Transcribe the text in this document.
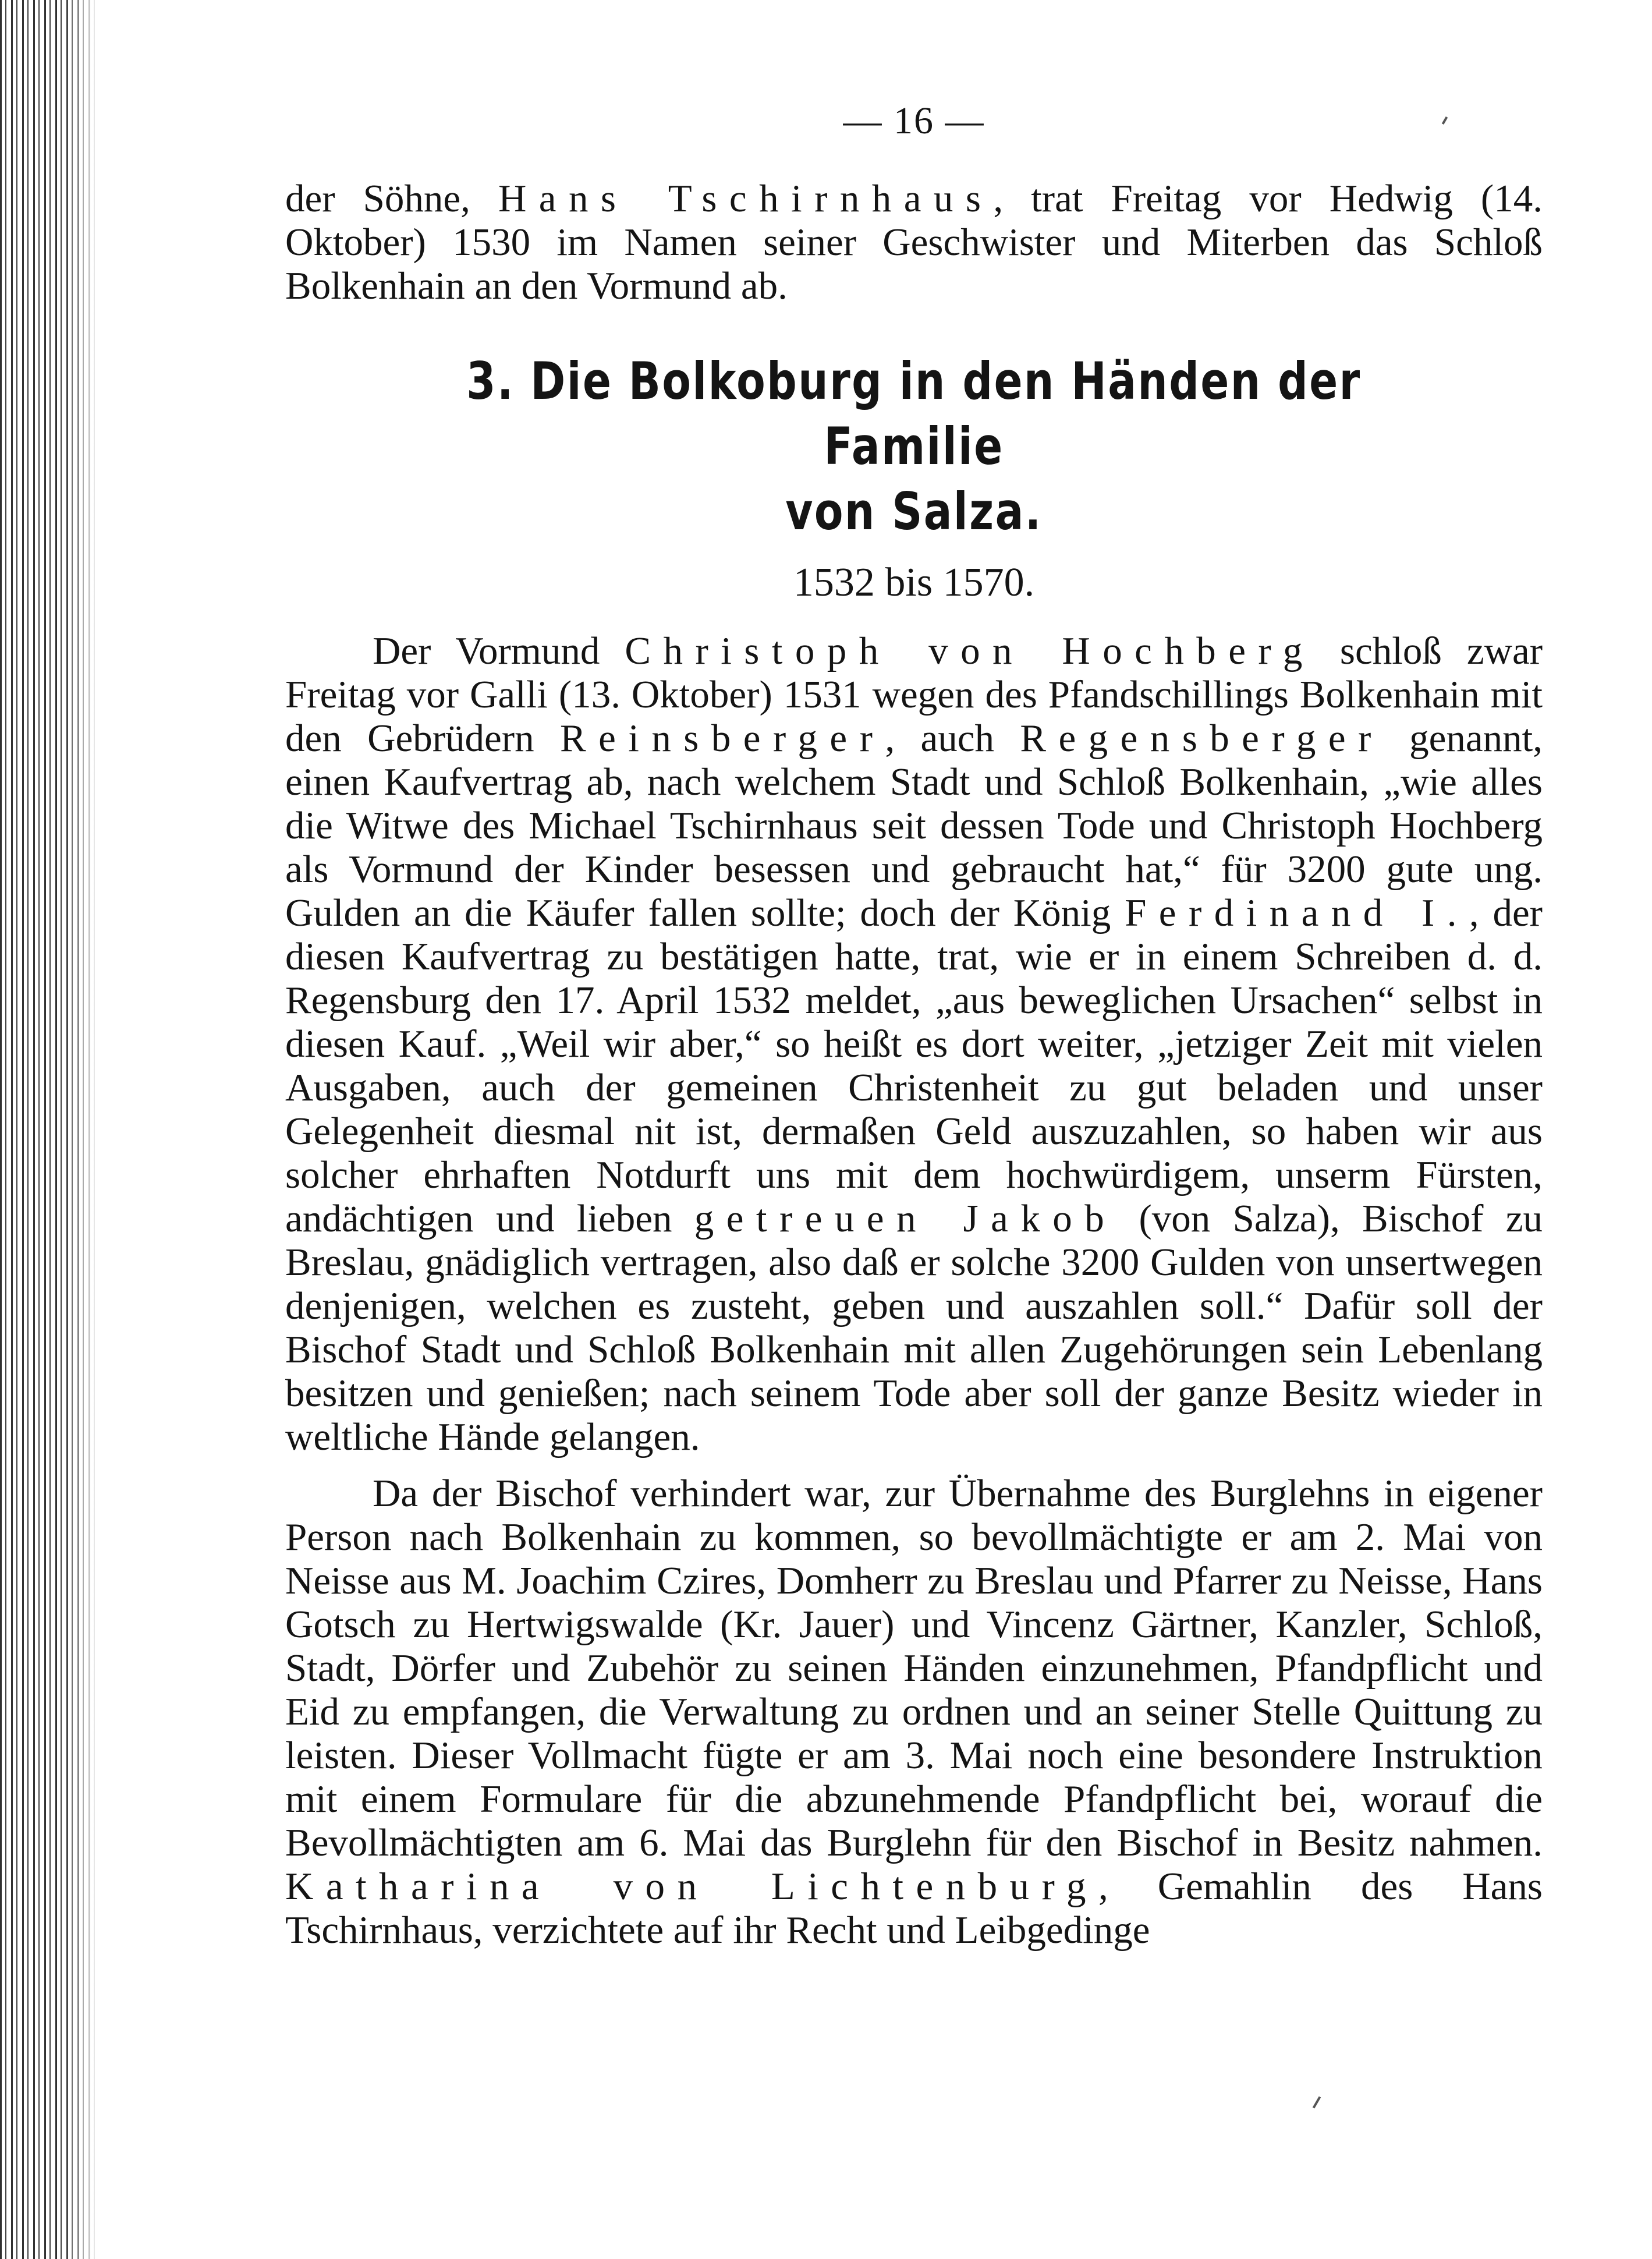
— 16 —

der Söhne, Hans Tschirnhaus, trat Freitag vor Hedwig (14. Oktober) 1530 im Namen seiner Geschwister und Miterben das Schloß Bolkenhain an den Vormund ab.

3. Die Bolkoburg in den Händen der Familie
von Salza.
1532 bis 1570.

Der Vormund Christoph von Hochberg schloß zwar Freitag vor Galli (13. Oktober) 1531 wegen des Pfandschillings Bolkenhain mit den Gebrüdern Reinsberger, auch Regensberger genannt, einen Kaufvertrag ab, nach welchem Stadt und Schloß Bolkenhain, „wie alles die Witwe des Michael Tschirnhaus seit dessen Tode und Christoph Hochberg als Vormund der Kinder besessen und gebraucht hat,“ für 3200 gute ung. Gulden an die Käufer fallen sollte; doch der König Ferdinand I., der diesen Kaufvertrag zu bestätigen hatte, trat, wie er in einem Schreiben d. d. Regensburg den 17. April 1532 meldet, „aus beweglichen Ursachen“ selbst in diesen Kauf. „Weil wir aber,“ so heißt es dort weiter, „jetziger Zeit mit vielen Ausgaben, auch der gemeinen Christenheit zu gut beladen und unser Gelegenheit diesmal nit ist, dermaßen Geld auszuzahlen, so haben wir aus solcher ehrhaften Notdurft uns mit dem hochwürdigem, unserm Fürsten, andächtigen und lieben getreuen Jakob (von Salza), Bischof zu Breslau, gnädiglich vertragen, also daß er solche 3200 Gulden von unsertwegen denjenigen, welchen es zusteht, geben und auszahlen soll.“ Dafür soll der Bischof Stadt und Schloß Bolkenhain mit allen Zugehörungen sein Lebenlang besitzen und genießen; nach seinem Tode aber soll der ganze Besitz wieder in weltliche Hände gelangen.

Da der Bischof verhindert war, zur Übernahme des Burglehns in eigener Person nach Bolkenhain zu kommen, so bevollmächtigte er am 2. Mai von Neisse aus M. Joachim Czires, Domherr zu Breslau und Pfarrer zu Neisse, Hans Gotsch zu Hertwigswalde (Kr. Jauer) und Vincenz Gärtner, Kanzler, Schloß, Stadt, Dörfer und Zubehör zu seinen Händen einzunehmen, Pfandpflicht und Eid zu empfangen, die Verwaltung zu ordnen und an seiner Stelle Quittung zu leisten. Dieser Vollmacht fügte er am 3. Mai noch eine besondere Instruktion mit einem Formulare für die abzunehmende Pfandpflicht bei, worauf die Bevollmächtigten am 6. Mai das Burglehn für den Bischof in Besitz nahmen. Katharina von Lichtenburg, Gemahlin des Hans Tschirnhaus, verzichtete auf ihr Recht und Leibgedinge
